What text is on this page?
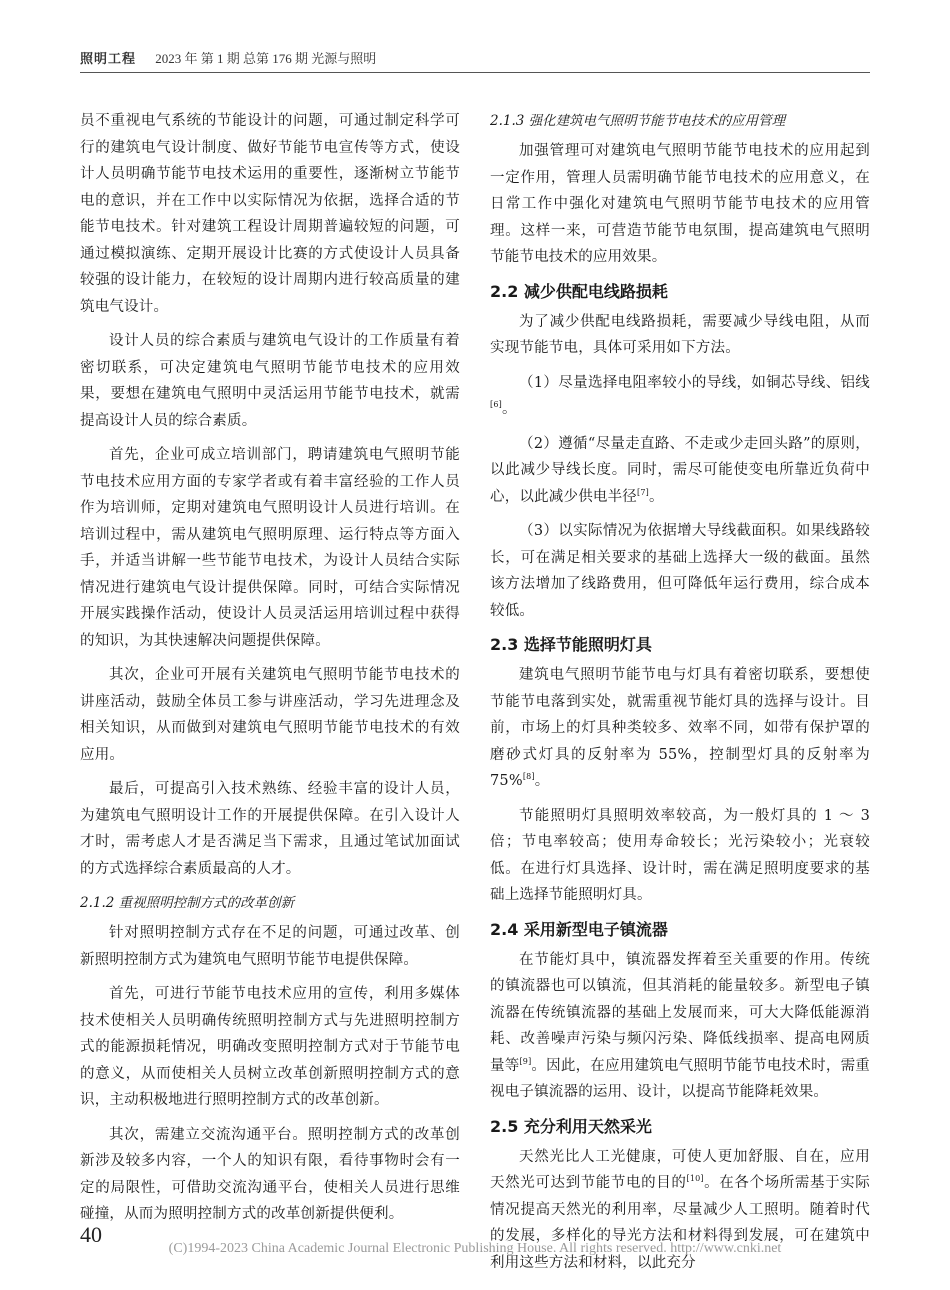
照明工程 2023 年 第 1 期 总第 176 期 光源与照明

员不重视电气系统的节能设计的问题，可通过制定科学可行的建筑电气设计制度、做好节能节电宣传等方式，使设计人员明确节能节电技术运用的重要性，逐渐树立节能节电的意识，并在工作中以实际情况为依据，选择合适的节能节电技术。针对建筑工程设计周期普遍较短的问题，可通过模拟演练、定期开展设计比赛的方式使设计人员具备较强的设计能力，在较短的设计周期内进行较高质量的建筑电气设计。

设计人员的综合素质与建筑电气设计的工作质量有着密切联系，可决定建筑电气照明节能节电技术的应用效果，要想在建筑电气照明中灵活运用节能节电技术，就需提高设计人员的综合素质。

首先，企业可成立培训部门，聘请建筑电气照明节能节电技术应用方面的专家学者或有着丰富经验的工作人员作为培训师，定期对建筑电气照明设计人员进行培训。在培训过程中，需从建筑电气照明原理、运行特点等方面入手，并适当讲解一些节能节电技术，为设计人员结合实际情况进行建筑电气设计提供保障。同时，可结合实际情况开展实践操作活动，使设计人员灵活运用培训过程中获得的知识，为其快速解决问题提供保障。

其次，企业可开展有关建筑电气照明节能节电技术的讲座活动，鼓励全体员工参与讲座活动，学习先进理念及相关知识，从而做到对建筑电气照明节能节电技术的有效应用。

最后，可提高引入技术熟练、经验丰富的设计人员，为建筑电气照明设计工作的开展提供保障。在引入设计人才时，需考虑人才是否满足当下需求，且通过笔试加面试的方式选择综合素质最高的人才。

2.1.2 重视照明控制方式的改革创新

针对照明控制方式存在不足的问题，可通过改革、创新照明控制方式为建筑电气照明节能节电提供保障。

首先，可进行节能节电技术应用的宣传，利用多媒体技术使相关人员明确传统照明控制方式与先进照明控制方式的能源损耗情况，明确改变照明控制方式对于节能节电的意义，从而使相关人员树立改革创新照明控制方式的意识，主动积极地进行照明控制方式的改革创新。

其次，需建立交流沟通平台。照明控制方式的改革创新涉及较多内容，一个人的知识有限，看待事物时会有一定的局限性，可借助交流沟通平台，使相关人员进行思维碰撞，从而为照明控制方式的改革创新提供便利。

2.1.3 强化建筑电气照明节能节电技术的应用管理

加强管理可对建筑电气照明节能节电技术的应用起到一定作用，管理人员需明确节能节电技术的应用意义，在日常工作中强化对建筑电气照明节能节电技术的应用管理。这样一来，可营造节能节电氛围，提高建筑电气照明节能节电技术的应用效果。

2.2 减少供配电线路损耗

为了减少供配电线路损耗，需要减少导线电阻，从而实现节能节电，具体可采用如下方法。

（1）尽量选择电阻率较小的导线，如铜芯导线、铝线[6]。

（2）遵循“尽量走直路、不走或少走回头路”的原则，以此减少导线长度。同时，需尽可能使变电所靠近负荷中心，以此减少供电半径[7]。

（3）以实际情况为依据增大导线截面积。如果线路较长，可在满足相关要求的基础上选择大一级的截面。虽然该方法增加了线路费用，但可降低年运行费用，综合成本较低。

2.3 选择节能照明灯具

建筑电气照明节能节电与灯具有着密切联系，要想使节能节电落到实处，就需重视节能灯具的选择与设计。目前，市场上的灯具种类较多、效率不同，如带有保护罩的磨砂式灯具的反射率为 55%，控制型灯具的反射率为 75%[8]。

节能照明灯具照明效率较高，为一般灯具的 1 ～ 3 倍；节电率较高；使用寿命较长；光污染较小；光衰较低。在进行灯具选择、设计时，需在满足照明度要求的基础上选择节能照明灯具。

2.4 采用新型电子镇流器

在节能灯具中，镇流器发挥着至关重要的作用。传统的镇流器也可以镇流，但其消耗的能量较多。新型电子镇流器在传统镇流器的基础上发展而来，可大大降低能源消耗、改善噪声污染与频闪污染、降低线损率、提高电网质量等[9]。因此，在应用建筑电气照明节能节电技术时，需重视电子镇流器的运用、设计，以提高节能降耗效果。

2.5 充分利用天然采光

天然光比人工光健康，可使人更加舒服、自在，应用天然光可达到节能节电的目的[10]。在各个场所需基于实际情况提高天然光的利用率，尽量减少人工照明。随着时代的发展，多样化的导光方法和材料得到发展，可在建筑中利用这些方法和材料，以此充分

40
(C)1994-2023 China Academic Journal Electronic Publishing House. All rights reserved. http://www.cnki.net
